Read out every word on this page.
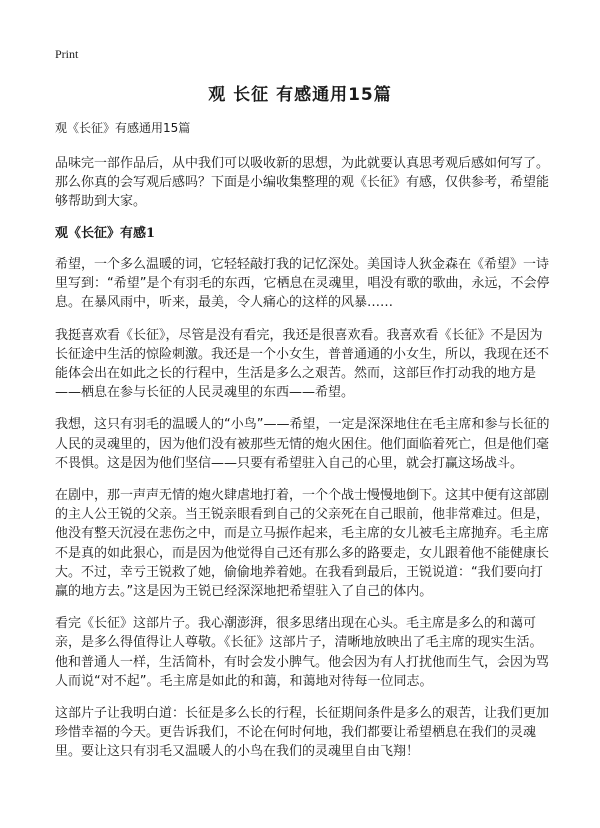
Print
观 长征 有感通用15篇

观《长征》有感通用15篇

品味完一部作品后，从中我们可以吸收新的思想，为此就要认真思考观后感如何写了。那么你真的会写观后感吗？下面是小编收集整理的观《长征》有感，仅供参考，希望能够帮助到大家。

观《长征》有感1

希望，一个多么温暖的词，它轻轻敲打我的记忆深处。美国诗人狄金森在《希望》一诗里写到：“希望”是个有羽毛的东西，它栖息在灵魂里，唱没有歌的歌曲，永远，不会停息。在暴风雨中，听来，最美，令人痛心的这样的风暴……

我挺喜欢看《长征》，尽管是没有看完，我还是很喜欢看。我喜欢看《长征》不是因为长征途中生活的惊险刺激。我还是一个小女生，普普通通的小女生，所以，我现在还不能体会出在如此之长的行程中，生活是多么之艰苦。然而，这部巨作打动我的地方是——栖息在参与长征的人民灵魂里的东西——希望。

我想，这只有羽毛的温暖人的“小鸟”——希望，一定是深深地住在毛主席和参与长征的人民的灵魂里的，因为他们没有被那些无情的炮火困住。他们面临着死亡，但是他们毫不畏惧。这是因为他们坚信——只要有希望驻入自己的心里，就会打赢这场战斗。

在剧中，那一声声无情的炮火肆虐地打着，一个个战士慢慢地倒下。这其中便有这部剧的主人公王锐的父亲。当王锐亲眼看到自己的父亲死在自己眼前，他非常难过。但是，他没有整天沉浸在悲伤之中，而是立马振作起来，毛主席的女儿被毛主席抛弃。毛主席不是真的如此狠心，而是因为他觉得自己还有那么多的路要走，女儿跟着他不能健康长大。不过，幸亏王锐救了她，偷偷地养着她。在我看到最后，王锐说道：“我们要向打赢的地方去。”这是因为王锐已经深深地把希望驻入了自己的体内。

看完《长征》这部片子。我心潮澎湃，很多思绪出现在心头。毛主席是多么的和蔼可亲，是多么得值得让人尊敬。《长征》这部片子，清晰地放映出了毛主席的现实生活。他和普通人一样，生活简朴，有时会发小脾气。他会因为有人打扰他而生气，会因为骂人而说“对不起”。毛主席是如此的和蔼，和蔼地对待每一位同志。

这部片子让我明白道：长征是多么长的行程，长征期间条件是多么的艰苦，让我们更加珍惜幸福的今天。更告诉我们，不论在何时何地，我们都要让希望栖息在我们的灵魂里。要让这只有羽毛又温暖人的小鸟在我们的灵魂里自由飞翔！
